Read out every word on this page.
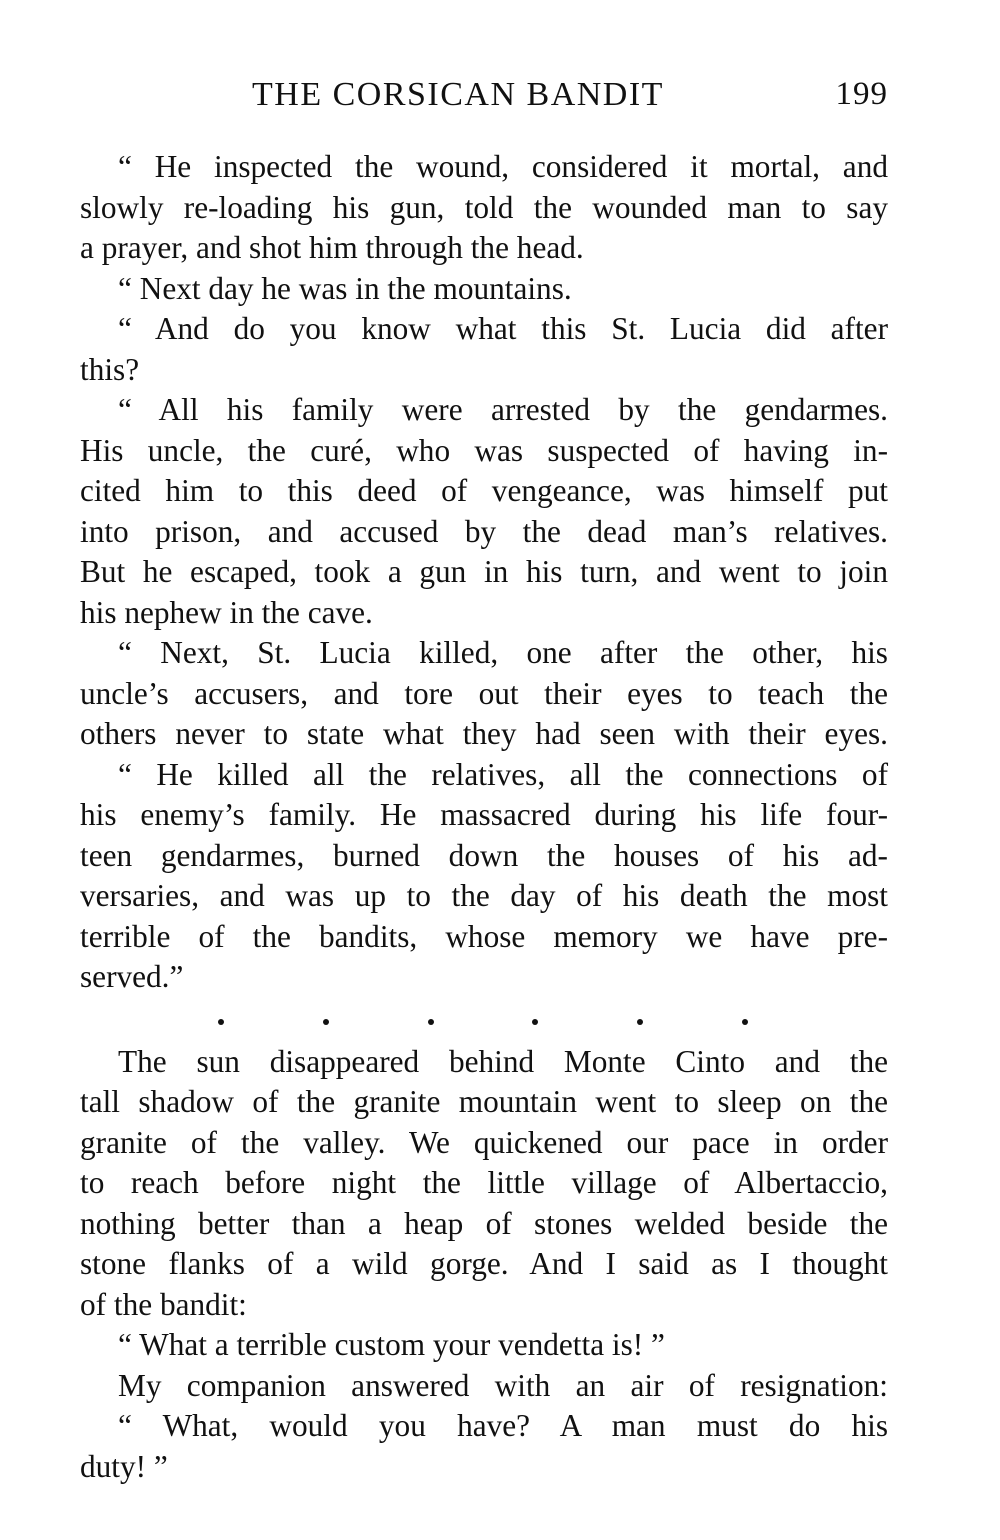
THE CORSICAN BANDIT	199
“ He inspected the wound, considered it mortal, and
slowly re-loading his gun, told the wounded man to say
a prayer, and shot him through the head.
“ Next day he was in the mountains.
“ And do you know what this St. Lucia did after
this?
“ All his family were arrested by the gendarmes.
His uncle, the curé, who was suspected of having in-
cited him to this deed of vengeance, was himself put
into prison, and accused by the dead man’s relatives.
But he escaped, took a gun in his turn, and went to join
his nephew in the cave.
“ Next, St. Lucia killed, one after the other, his
uncle’s accusers, and tore out their eyes to teach the
others never to state what they had seen with their eyes.
“ He killed all the relatives, all the connections of
his enemy’s family. He massacred during his life four-
teen gendarmes, burned down the houses of his ad-
versaries, and was up to the day of his death the most
terrible of the bandits, whose memory we have pre-
served.”
The sun disappeared behind Monte Cinto and the
tall shadow of the granite mountain went to sleep on the
granite of the valley. We quickened our pace in order
to reach before night the little village of Albertaccio,
nothing better than a heap of stones welded beside the
stone flanks of a wild gorge. And I said as I thought
of the bandit:
“ What a terrible custom your vendetta is! ”
My companion answered with an air of resignation:
“ What, would you have? A man must do his
duty! ”
